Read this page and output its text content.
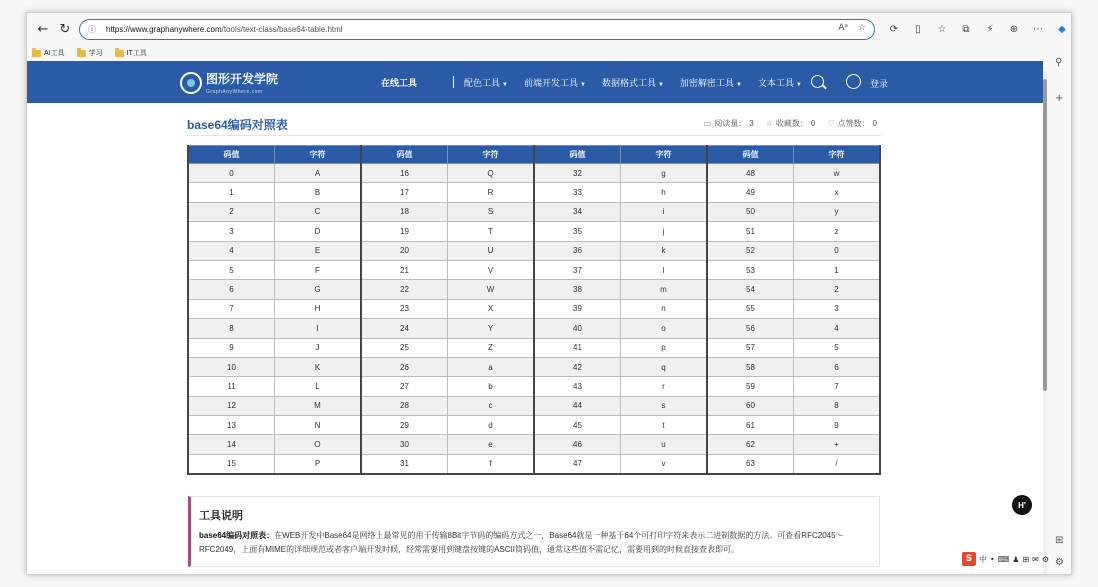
← ↻	ⓘ	https://www.graphanywhere.com /tools/text-class/base64-table.html	Aᵃ ☆	⟳	▯	☆	⧉	⚡	⊕	⋯	◆
AI工具	学习	IT工具
⚲
+
⊞
⚙
图形开发学院
GraphAnyWhere.com
在线工具	配色工具 ▼ 前端开发工具 ▼ 数据格式工具 ▼ 加密解密工具 ▼ 文本工具 ▼	登录
base64编码对照表	▭ 阅读量： 3 ☆ 收藏数： 0 ♡ 点赞数： 0
码值	字符	码值	字符	码值	字符	码值	字符
0	A	16	Q	32	g	48	w
1	B	17	R	33	h	49	x
2	C	18	S	34	i	50	y
3	D	19	T	35	j	51	z
4	E	20	U	36	k	52	0
5	F	21	V	37	l	53	1
6	G	22	W	38	m	54	2
7	H	23	X	39	n	55	3
8	I	24	Y	40	o	56	4
9	J	25	Z	41	p	57	5
10	K	26	a	42	q	58	6
11	L	27	b	43	r	59	7
12	M	28	c	44	s	60	8
13	N	29	d	45	t	61	9
14	O	30	e	46	u	62	+
15	P	31	f	47	v	63	/
工具说明

base64编码对照表：在WEB开发中Base64是网络上最常见的用于传输8Bit字节码的编码方式之一，Base64就是一种基于64个可打印字符来表示二进制数据的方法。可查看RFC2045～RFC2049，上面有MIME的详细规范或者客户端开发时候，经常需要用到键盘按键的ASCII简码值，通常这些值不需记忆，需要用到的时候直接查表即可。

H'
S 中 • ⌨ ♟ ⊞ ✉ ⚙
